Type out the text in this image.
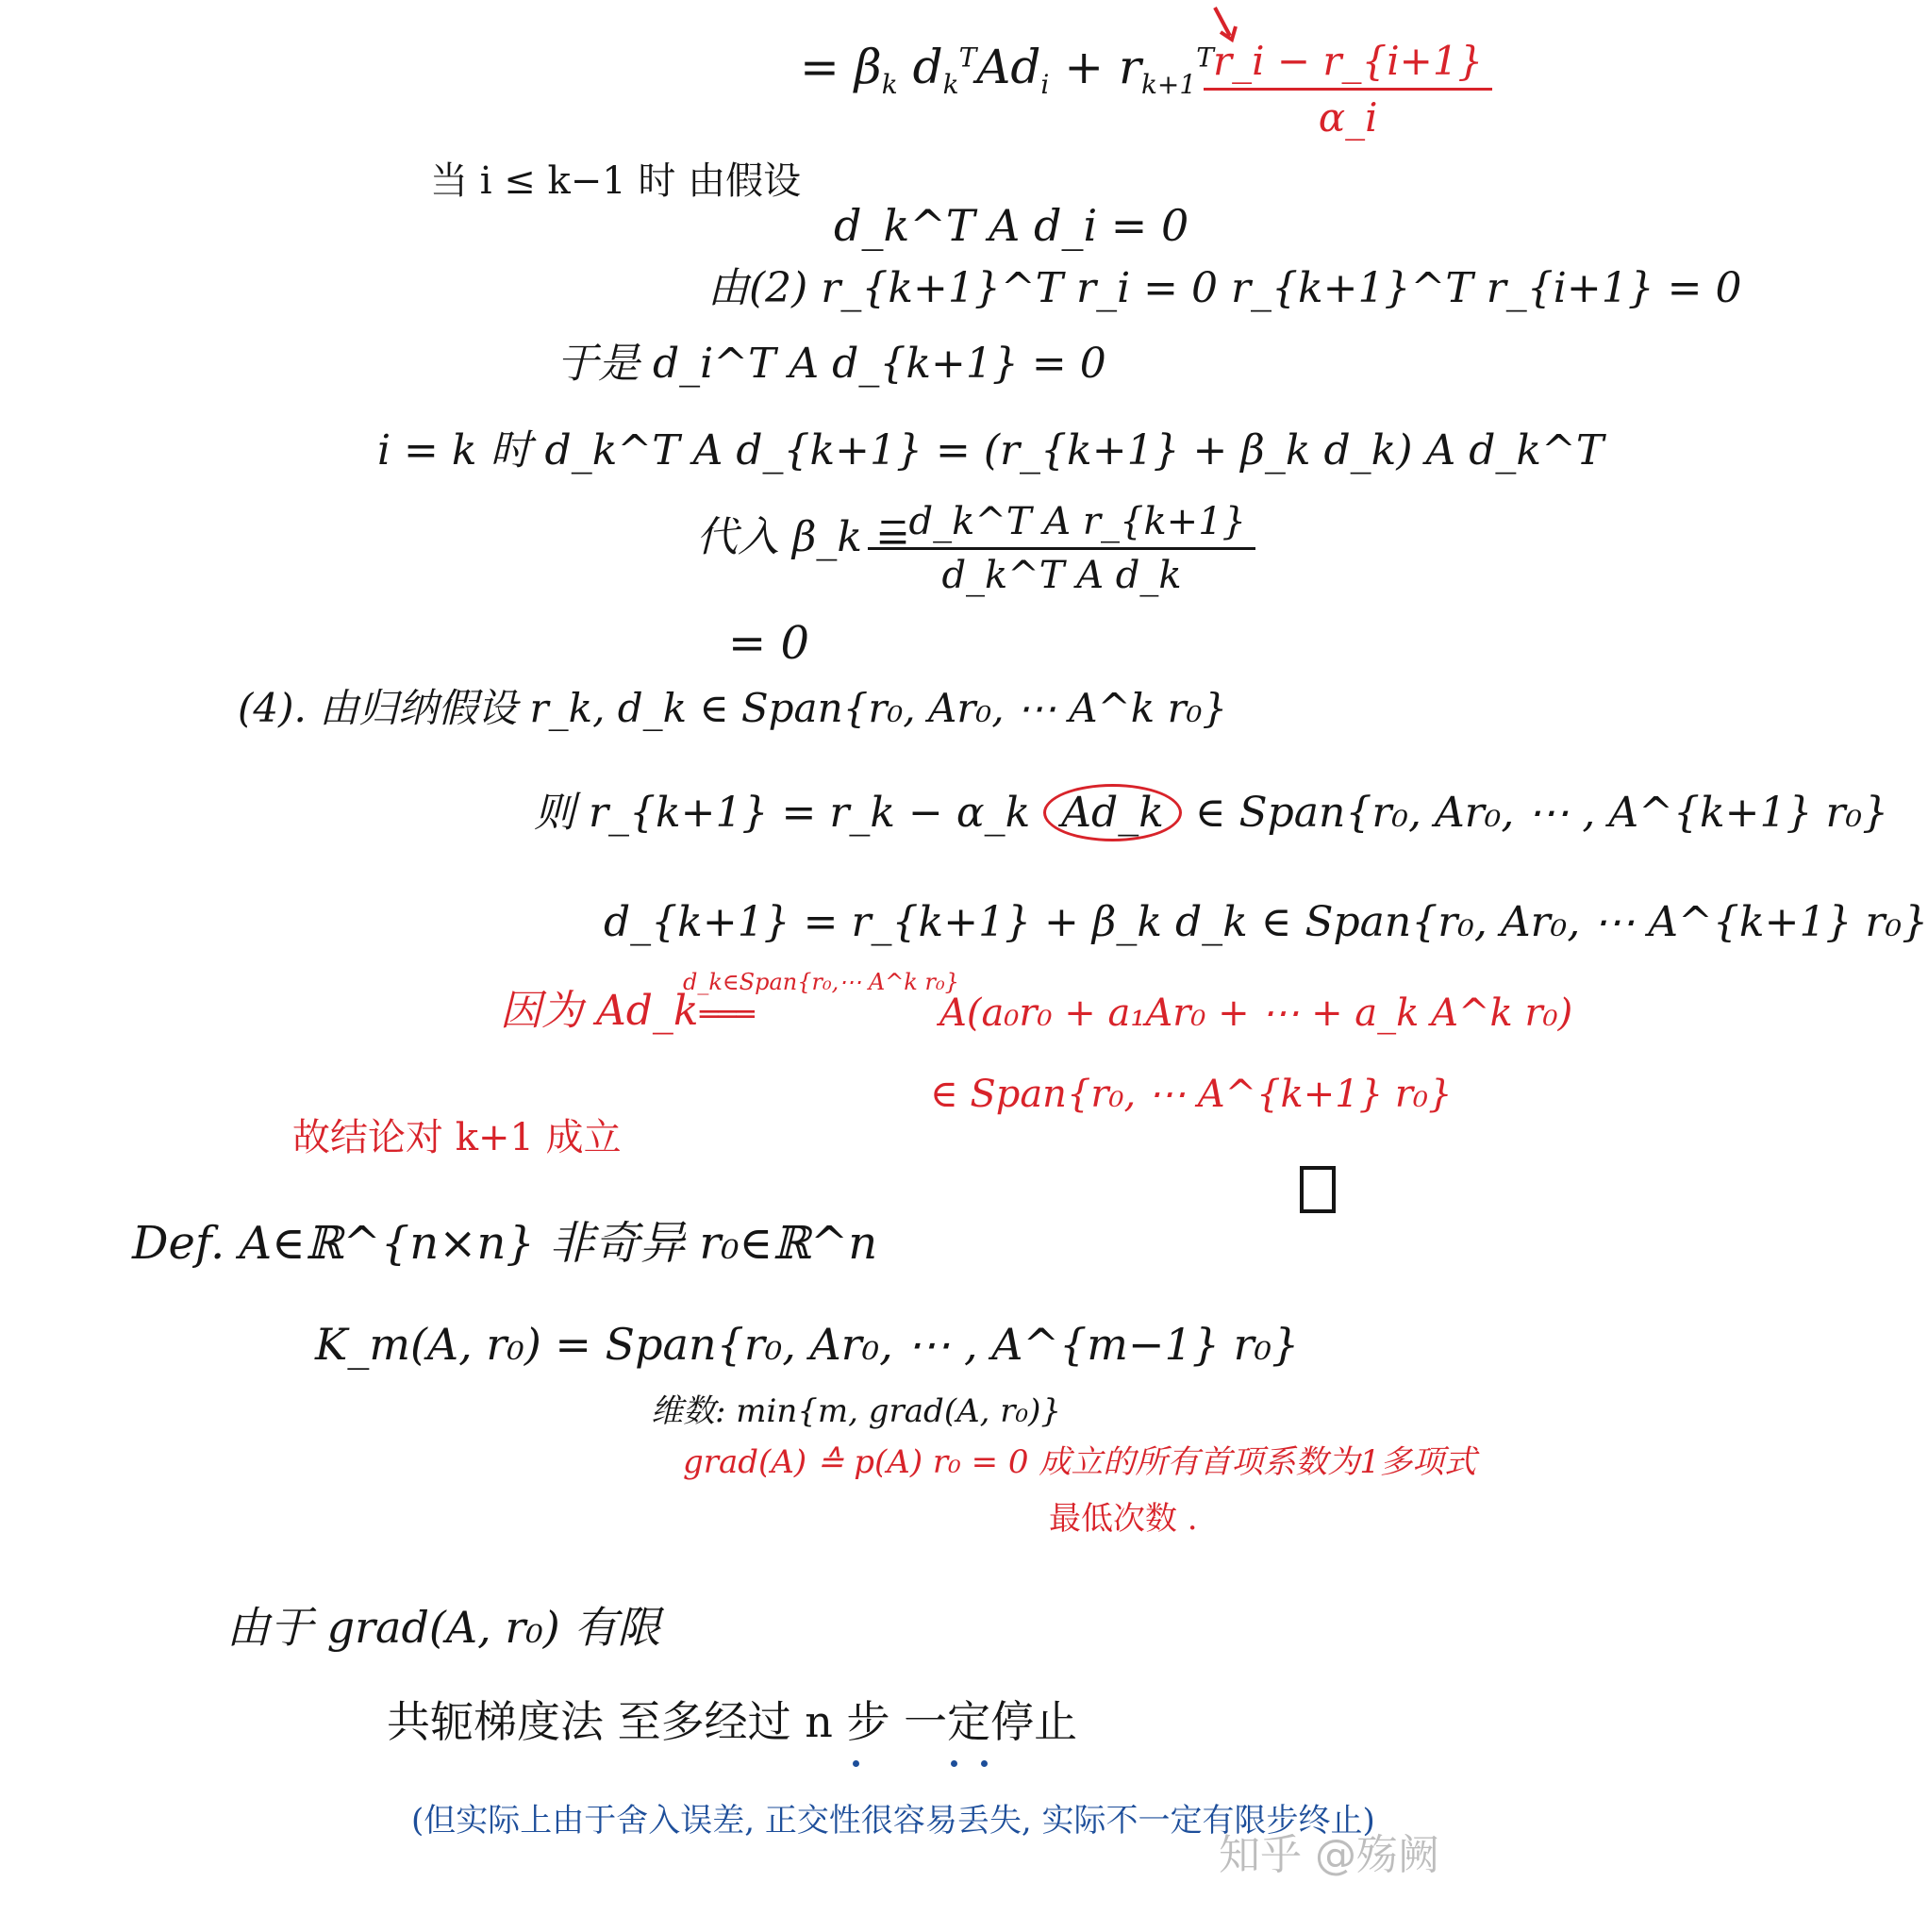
= $\beta_k$ $d_k^TAd_i + r_{k+1}^T$
$\frac{r\_i - r\_\{i+1\}}{\alpha\_i}$
当 i ≤ k−1 时 由假设
d_k^T A d_i = 0
由(2) r_{k+1}^T r_i = 0 r_{k+1}^T r_{i+1} = 0
于是 d_i^T A d_{k+1} = 0
i = k 时 d_k^T A d_{k+1} = (r_{k+1} + β_k d_k) A d_k^T
代入 β_k =
$\frac{\text{−d\_k\textasciicircum{}T A r\_\{k+1\}}}{\text{d\_k\textasciicircum{}T A d\_k}}$
= 0
(4). 由归纳假设 r_k, d_k ∈ Span{r₀, Ar₀, ⋯ A^k r₀}
则 r_{k+1} = r_k − α_k Ad_k ∈ Span{r₀, Ar₀, ⋯ , A^{k+1} r₀}
d_{k+1} = r_{k+1} + β_k d_k ∈ Span{r₀, Ar₀, ⋯ A^{k+1} r₀}
因为 Ad_k
d_k∈Span{r₀,⋯ A^k r₀}
═══	A(a₀r₀ + a₁Ar₀ + ⋯ + a_k A^k r₀)
∈ Span{r₀, ⋯ A^{k+1} r₀}
故结论对 k+1 成立
Def. A∈ℝ^{n×n} 非奇异 r₀∈ℝ^n
K_m(A, r₀) = Span{r₀, Ar₀, ⋯ , A^{m−1} r₀}
维数: min{m, grad(A, r₀)}
grad(A) ≙ p(A) r₀ = 0 成立的所有首项系数为1多项式
最低次数 .
由于 grad(A, r₀) 有限
共轭梯度法 至多经过 n 步 一定停止
(但实际上由于舍入误差, 正交性很容易丢失, 实际不一定有限步终止)
知乎 @殇阙
